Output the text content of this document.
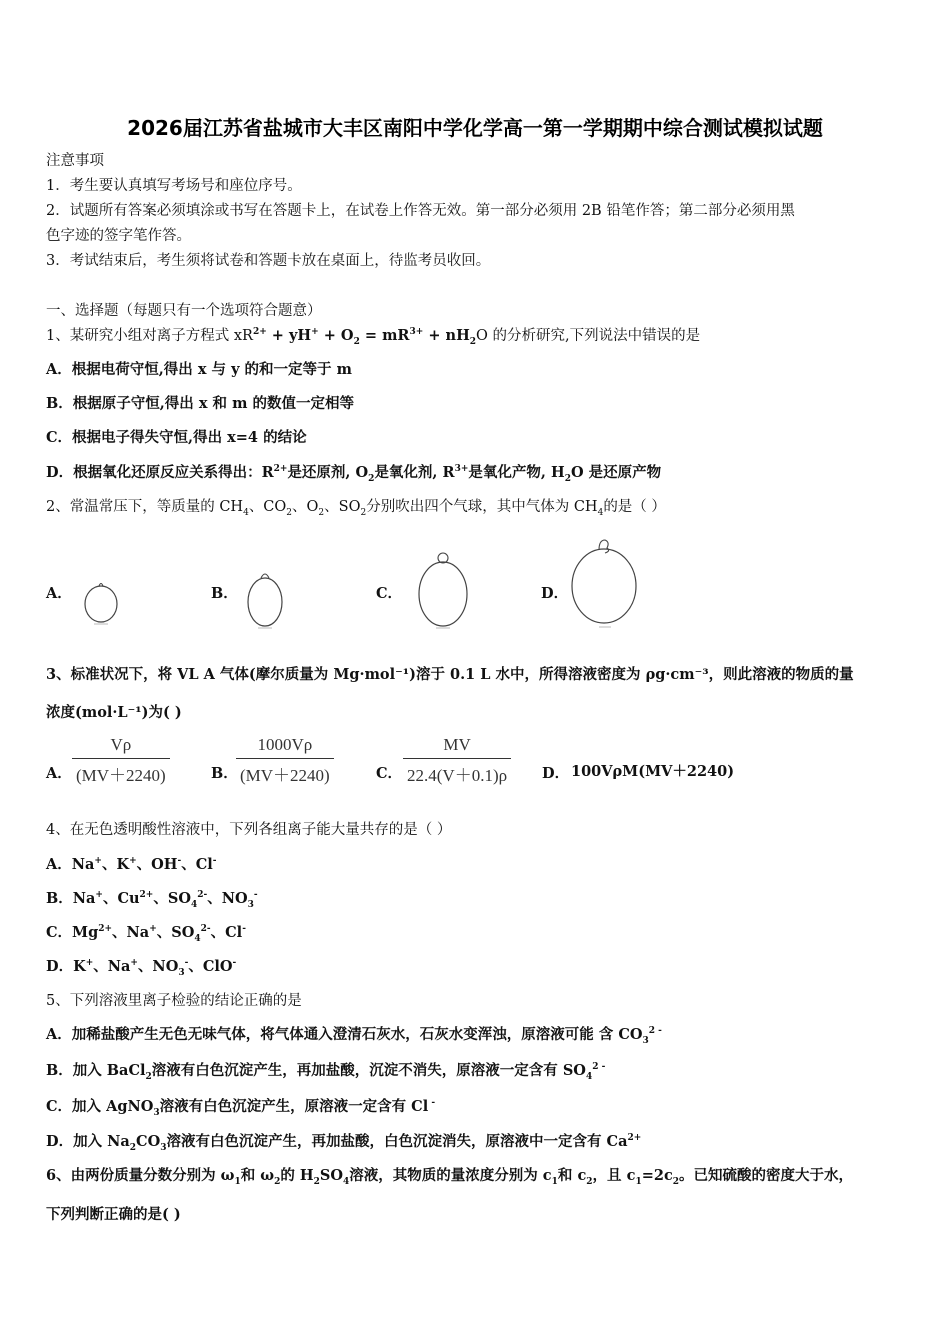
2026届江苏省盐城市大丰区南阳中学化学高一第一学期期中综合测试模拟试题
注意事项
1．考生要认真填写考场号和座位序号。
2．试题所有答案必须填涂或书写在答题卡上，在试卷上作答无效。第一部分必须用 2B 铅笔作答；第二部分必须用黑
色字迹的签字笔作答。
3．考试结束后，考生须将试卷和答题卡放在桌面上，待监考员收回。
一、选择题（每题只有一个选项符合题意）
1、某研究小组对离子方程式 $xR^{2+} + yH^+ + O_2 = mR^{3+} + nH_2O$ 的分析研究,下列说法中错误的是
A．根据电荷守恒,得出 x 与 y 的和一定等于 m
B．根据原子守恒,得出 x 和 m 的数值一定相等
C．根据电子得失守恒,得出 x=4 的结论
D．根据氧化还原反应关系得出：$R^{2+}$是还原剂, $O_2$是氧化剂, $R^{3+}$是氧化产物, $H_2O$ 是还原产物
2、常温常压下，等质量的 $CH_4$、$CO_2$、$O_2$、$SO_2$分别吹出四个气球，其中气体为 $CH_4$的是（ ）
A．	B．	C．	D．
3、标准状况下，将 VL A 气体(摩尔质量为 Mg·mol⁻¹)溶于 0.1 L 水中，所得溶液密度为 ρg·cm⁻³，则此溶液的物质的量
浓度(mol·L⁻¹)为( )
A． $\frac{V\rho}{(MV+2240)}$	B．
$\frac{1000V\rho}{(MV+2240)}$	C． $\frac{MV}{22.4(V+0.1)\rho}$ D． 100VρM(MV＋2240)
4、在无色透明酸性溶液中，下列各组离子能大量共存的是（ ）
A．Na+、K+、OH-、Cl-
B．Na+、$Cu^{2+}$、$SO_4^{2-}$、$NO_3^-$
C．$Mg^{2+}$、Na+、$SO_4^{2-}$、Cl-
D．K+、Na+、$NO_3^-$、ClO-
5、下列溶液里离子检验的结论正确的是
A．加稀盐酸产生无色无味气体，将气体通入澄清石灰水，石灰水变浑浊，原溶液可能 含 $CO_3^{2 -}$
B．加入 BaCl$_2$溶液有白色沉淀产生，再加盐酸，沉淀不消失，原溶液一定含有 $SO_4^{2 -}$
C．加入 AgNO$_3$溶液有白色沉淀产生，原溶液一定含有 Cl -
D．加入 $Na_2CO_3$溶液有白色沉淀产生，再加盐酸，白色沉淀消失，原溶液中一定含有 $Ca^{2+}$
6、由两份质量分数分别为 $\omega_1$和 $\omega_2$的 $H_2SO_4$溶液，其物质的量浓度分别为 $c_1$和 $c_2$，且 $c_1=2c_2$。已知硫酸的密度大于水，
下列判断正确的是( )
